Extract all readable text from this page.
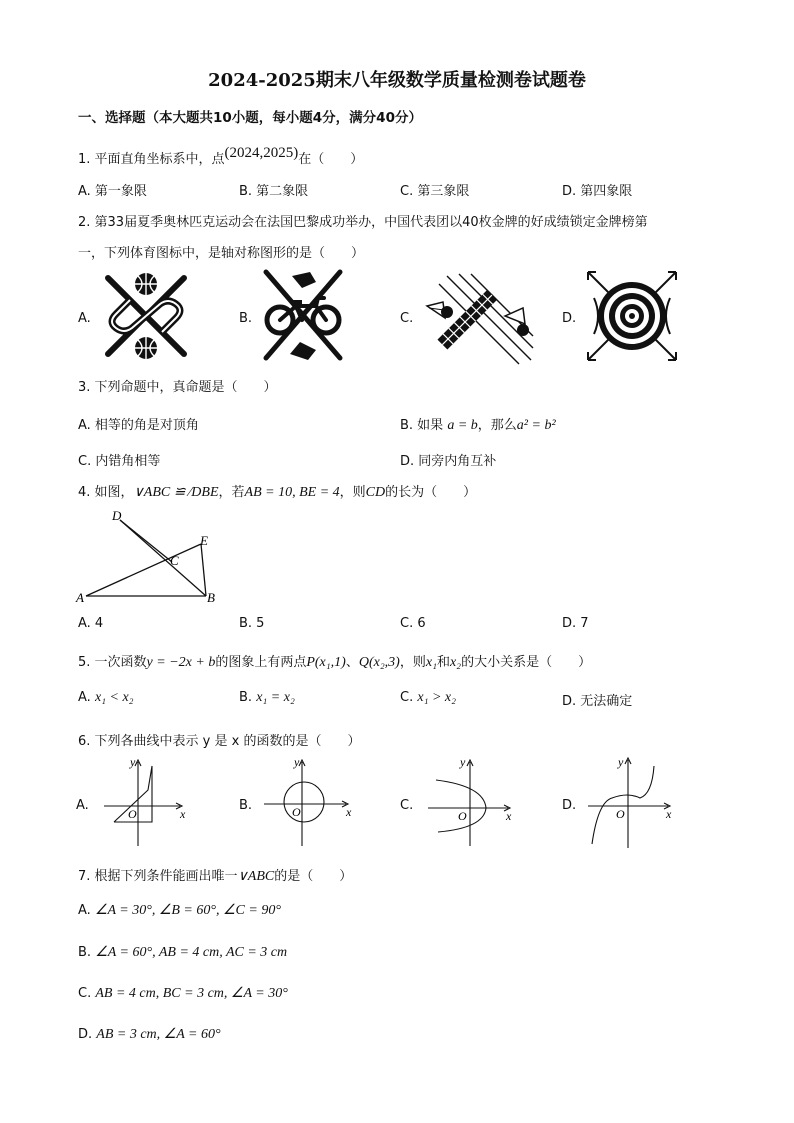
2024-2025期末八年级数学质量检测卷试题卷
一、选择题（本大题共10小题，每小题4分，满分40分）
1. 平面直角坐标系中，点(2024,2025)在（　　）
A. 第一象限	B. 第二象限	C. 第三象限	D. 第四象限
2. 第33届夏季奥林匹克运动会在法国巴黎成功举办，中国代表团以40枚金牌的好成绩锁定金牌榜第
一，下列体育图标中，是轴对称图形的是（　　）
A.	B.	C.	D.
3. 下列命题中，真命题是（　　）
A. 相等的角是对顶角	B. 如果 a = b，那么a² = b²
C. 内错角相等	D. 同旁内角互补
4. 如图，∨ABC ≌ ∕DBE，若AB = 10, BE = 4，则CD的长为（　　）
D
E
C
A	B
A. 4	B. 5	C. 6	D. 7
5. 一次函数y = −2x + b的图象上有两点P(x₁,1)、Q(x₂,3)，则x₁和x₂的大小关系是（　　）
A. x₁ < x₂	B. x₁ = x₂	C. x₁ > x₂	D. 无法确定
6. 下列各曲线中表示 y 是 x 的函数的是（　　）
A.	B.	C.	D.
y
x
O
y
x
O
y
x
O
y
x
O
7. 根据下列条件能画出唯一∨ABC的是（　　）
A. ∠A = 30°, ∠B = 60°, ∠C = 90°
B. ∠A = 60°, AB = 4 cm, AC = 3 cm
C. AB = 4 cm, BC = 3 cm, ∠A = 30°
D. AB = 3 cm, ∠A = 60°
